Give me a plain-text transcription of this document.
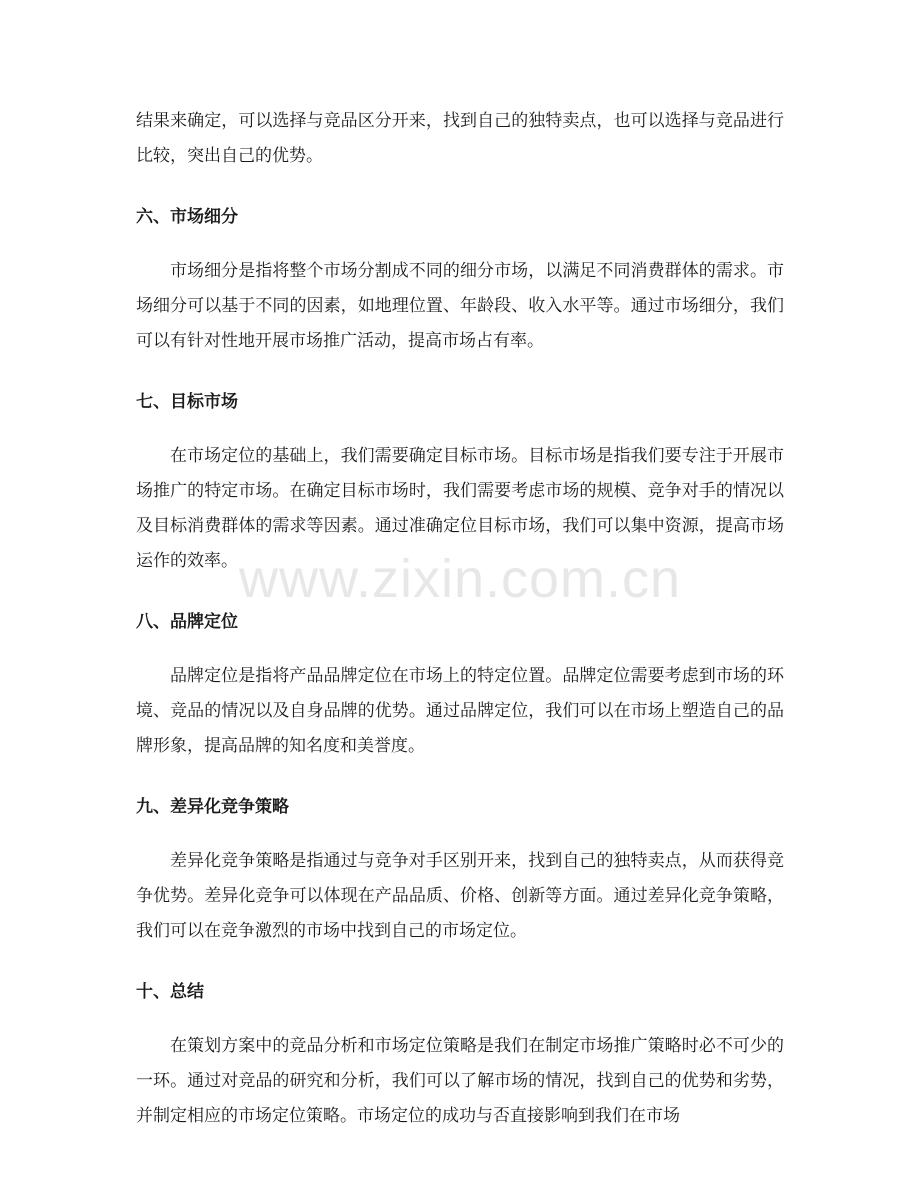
www.zixin.com.cn

结果来确定，可以选择与竞品区分开来，找到自己的独特卖点，也可以选择与竞品进行比较，突出自己的优势。

六、市场细分

市场细分是指将整个市场分割成不同的细分市场，以满足不同消费群体的需求。市场细分可以基于不同的因素，如地理位置、年龄段、收入水平等。通过市场细分，我们可以有针对性地开展市场推广活动，提高市场占有率。

七、目标市场

在市场定位的基础上，我们需要确定目标市场。目标市场是指我们要专注于开展市场推广的特定市场。在确定目标市场时，我们需要考虑市场的规模、竞争对手的情况以及目标消费群体的需求等因素。通过准确定位目标市场，我们可以集中资源，提高市场运作的效率。

八、品牌定位

品牌定位是指将产品品牌定位在市场上的特定位置。品牌定位需要考虑到市场的环境、竞品的情况以及自身品牌的优势。通过品牌定位，我们可以在市场上塑造自己的品牌形象，提高品牌的知名度和美誉度。

九、差异化竞争策略

差异化竞争策略是指通过与竞争对手区别开来，找到自己的独特卖点，从而获得竞争优势。差异化竞争可以体现在产品品质、价格、创新等方面。通过差异化竞争策略，我们可以在竞争激烈的市场中找到自己的市场定位。

十、总结

在策划方案中的竞品分析和市场定位策略是我们在制定市场推广策略时必不可少的一环。通过对竞品的研究和分析，我们可以了解市场的情况，找到自己的优势和劣势，并制定相应的市场定位策略。市场定位的成功与否直接影响到我们在市场
